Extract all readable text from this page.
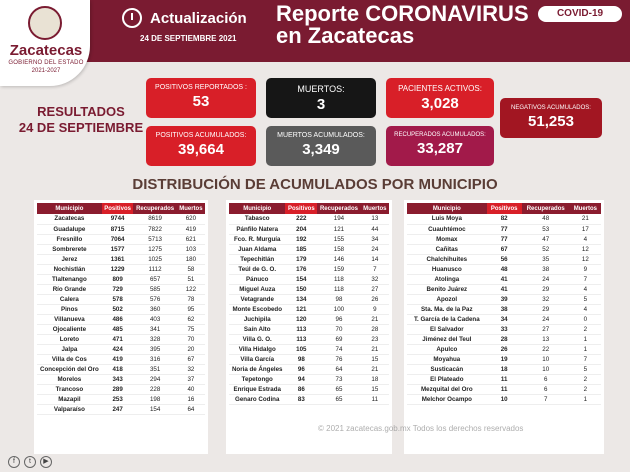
Zacatecas
GOBIERNO DEL ESTADO
2021-2027
Actualización
24 DE SEPTIEMBRE 2021
Reporte CORONAVIRUS
en Zacatecas
COVID-19
RESULTADOS
24 DE SEPTIEMBRE
POSITIVOS REPORTADOS :
53
MUERTOS:
3
PACIENTES ACTIVOS:
3,028	NEGATIVOS ACUMULADOS:
51,253
POSITIVOS ACUMULADOS:
39,664
MUERTOS ACUMULADOS:
3,349
RECUPERADOS ACUMULADOS:
33,287
DISTRIBUCIÓN DE ACUMULADOS POR MUNICIPIO
Municipio	Positivos	Recuperados	Muertos
Zacatecas	9744	8619	620
Guadalupe	8715	7822	419
Fresnillo	7064	5713	621
Sombrerete	1577	1275	103
Jerez	1361	1025	180
Nochistlán	1229	1112	58
Tlaltenango	809	657	51
Río Grande	729	585	122
Calera	578	576	78
Pinos	502	360	95
Villanueva	486	403	62
Ojocaliente	485	341	75
Loreto	471	328	70
Jalpa	424	395	20
Villa de Cos	419	316	67
Concepción del Oro	418	351	32
Morelos	343	294	37
Trancoso	289	228	40
Mazapil	253	198	16
Valparaíso	247	154	64
Municipio	Positivos	Recuperados	Muertos
Tabasco	222	194	13
Pánfilo Natera	204	121	44
Fco. R. Murguía	192	155	34
Juan Aldama	185	158	24
Tepechitlán	179	146	14
Teúl de G. O.	176	159	7
Pánuco	154	118	32
Miguel Auza	150	118	27
Vetagrande	134	98	26
Monte Escobedo	121	100	9
Juchipila	120	96	21
Saín Alto	113	70	28
Villa G. O.	113	69	23
Villa Hidalgo	105	74	21
Villa García	98	76	15
Noria de Ángeles	96	64	21
Tepetongo	94	73	18
Enrique Estrada	86	65	15
Genaro Codina	83	65	11
Municipio	Positivos	Recuperados	Muertos
Luis Moya	82	48	21
Cuauhtémoc	77	53	17
Momax	77	47	4
Cañitas	67	52	12
Chalchihuites	56	35	12
Huanusco	48	38	9
Atolinga	41	24	7
Benito Juárez	41	29	4
Apozol	39	32	5
Sta. Ma. de la Paz	38	29	4
T. García de la Cadena	34	24	0
El Salvador	33	27	2
Jiménez del Teul	28	13	1
Apulco	26	22	1
Moyahua	19	10	7
Susticacán	18	10	5
El Plateado	11	6	2
Mezquital del Oro	11	6	2
Melchor Ocampo	10	7	1
© 2021 zacatecas.gob.mx Todos los derechos reservados
f	t	▶
